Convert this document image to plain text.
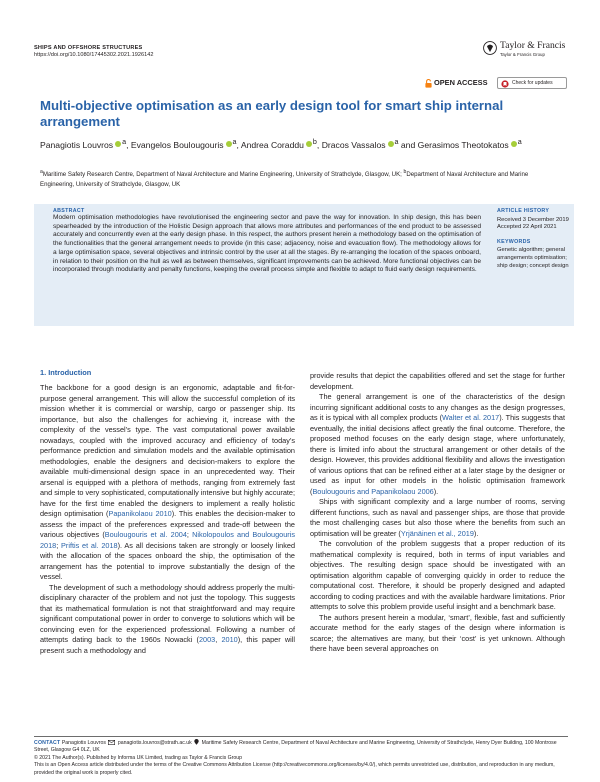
SHIPS AND OFFSHORE STRUCTURES
https://doi.org/10.1080/17445302.2021.1926142
Taylor & Francis
Taylor & Francis Group
OPEN ACCESS	Check for updates
Multi-objective optimisation as an early design tool for smart ship internal arrangement
Panagiotis Louvros $^a$, Evangelos Boulougouris $^a$, Andrea Coraddu $^b$, Dracos Vassalos $^a$ and Gerasimos Theotokatos $^a$
$^a$Maritime Safety Research Centre, Department of Naval Architecture and Marine Engineering, University of Strathclyde, Glasgow, UK; $^b$Department of Naval Architecture and Marine Engineering, University of Strathclyde, Glasgow, UK
ABSTRACT
Modern optimisation methodologies have revolutionised the engineering sector and pave the way for innovation. In ship design, this has been spearheaded by the introduction of the Holistic Design approach that allows more attributes and performances of the end product to be assessed accurately and concurrently even at the early design phase. In this respect, the authors present herein a methodology based on the optimisation of the functionalities that the general arrangement needs to provide (in this case; adjacency, noise and evacuation flow). The methodology allows for a large optimisation space, several objectives and intrinsic control by the user at all the stages. By re-arranging the location of the spaces onboard, in relation to their position on the hull as well as between themselves, significant improvements can be achieved. More functional objectives can be incorporated through modularity and penalty functions, keeping the overall process simple and flexible to adapt to fluid early design requirements.
ARTICLE HISTORY
Received 3 December 2019
Accepted 22 April 2021
KEYWORDS
Genetic algorithm; general arrangements optimisation; ship design; concept design
1. Introduction

The backbone for a good design is an ergonomic, adaptable and fit-for-purpose general arrangement. This will allow the successful completion of its mission whether it is commercial or warship, cargo or passenger ship. Its importance, but also the challenges for achieving it, increase with the complexity of the vessel’s type. The vast computational power available nowadays, coupled with the improved accuracy and efficiency of today’s performance prediction and simulation models and the available optimisation methodologies, enable the designers and decision-makers to explore the available multi-dimensional design space in an unprecedented way. Their arsenal is equipped with a plethora of methods, ranging from extremely fast and simple to very sophisticated, computationally intensive but highly accurate; have for the first time enabled the designers to implement a really holistic design optimisation (Papanikolaou 2010). This enables the decision-maker to assess the impact of the preferences expressed and trade-off between the various objectives (Boulougouris et al. 2004; Nikolopoulos and Boulougouris 2018; Priftis et al. 2018). As all decisions taken are strongly or loosely linked with the allocation of the spaces onboard the ship, the optimisation of the arrangement has the potential to improve substantially the design of the vessel.

The development of such a methodology should address properly the multi-disciplinary character of the problem and not just the topology. This suggests that its mathematical formulation is not that straightforward and may require significant computational power in order to converge to solutions which will be convincing even for the experienced professional. Following a number of attempts dating back to the 1960s Nowacki (2003, 2010), this paper will present such a methodology and

provide results that depict the capabilities offered and set the stage for further development.

The general arrangement is one of the characteristics of the design incurring significant additional costs to any changes as the design progresses, as it is typical with all complex products (Walter et al. 2017). This suggests that eventually, the initial decisions affect greatly the final outcome. Therefore, the proposed method focuses on the early design stage, where unfortunately, there is limited info about the structural arrangement or other details of the design. However, this provides additional flexibility and allows the investigation of various options that can be refined either at a later stage by the designer or used as input for other models in the holistic optimisation framework (Boulougouris and Papanikolaou 2006).

Ships with significant complexity and a large number of rooms, serving different functions, such as naval and passenger ships, are those that provide the most challenging cases but also those where the benefits from such an optimisation will be greater (Yrjänäinen et al., 2019).

The convolution of the problem suggests that a proper reduction of its mathematical complexity is required, both in terms of input variables and objectives. The resulting design space should be investigated with an optimisation algorithm capable of converging quickly in order to reduce the computational cost. Therefore, it should be properly designed and adapted according to coding practices and with the available hardware limitations. Prior attempts to solve this problem provide useful insight and a benchmark base.

The authors present herein a modular, ‘smart’, flexible, fast and sufficiently accurate method for the early stages of the design where information is scarce; the alternatives are many, but their ‘cost’ is yet unknown. Although there have been several approaches on

CONTACT Panagiotis Louvros panagiotis.louvros@strath.ac.uk Maritime Safety Research Centre, Department of Naval Architecture and Marine Engineering, University of Strathclyde, Henry Dyer Building, 100 Montrose Street, Glasgow G4 0LZ, UK
© 2021 The Author(s). Published by Informa UK Limited, trading as Taylor & Francis Group
This is an Open Access article distributed under the terms of the Creative Commons Attribution License (http://creativecommons.org/licenses/by/4.0/), which permits unrestricted use, distribution, and reproduction in any medium, provided the original work is properly cited.
